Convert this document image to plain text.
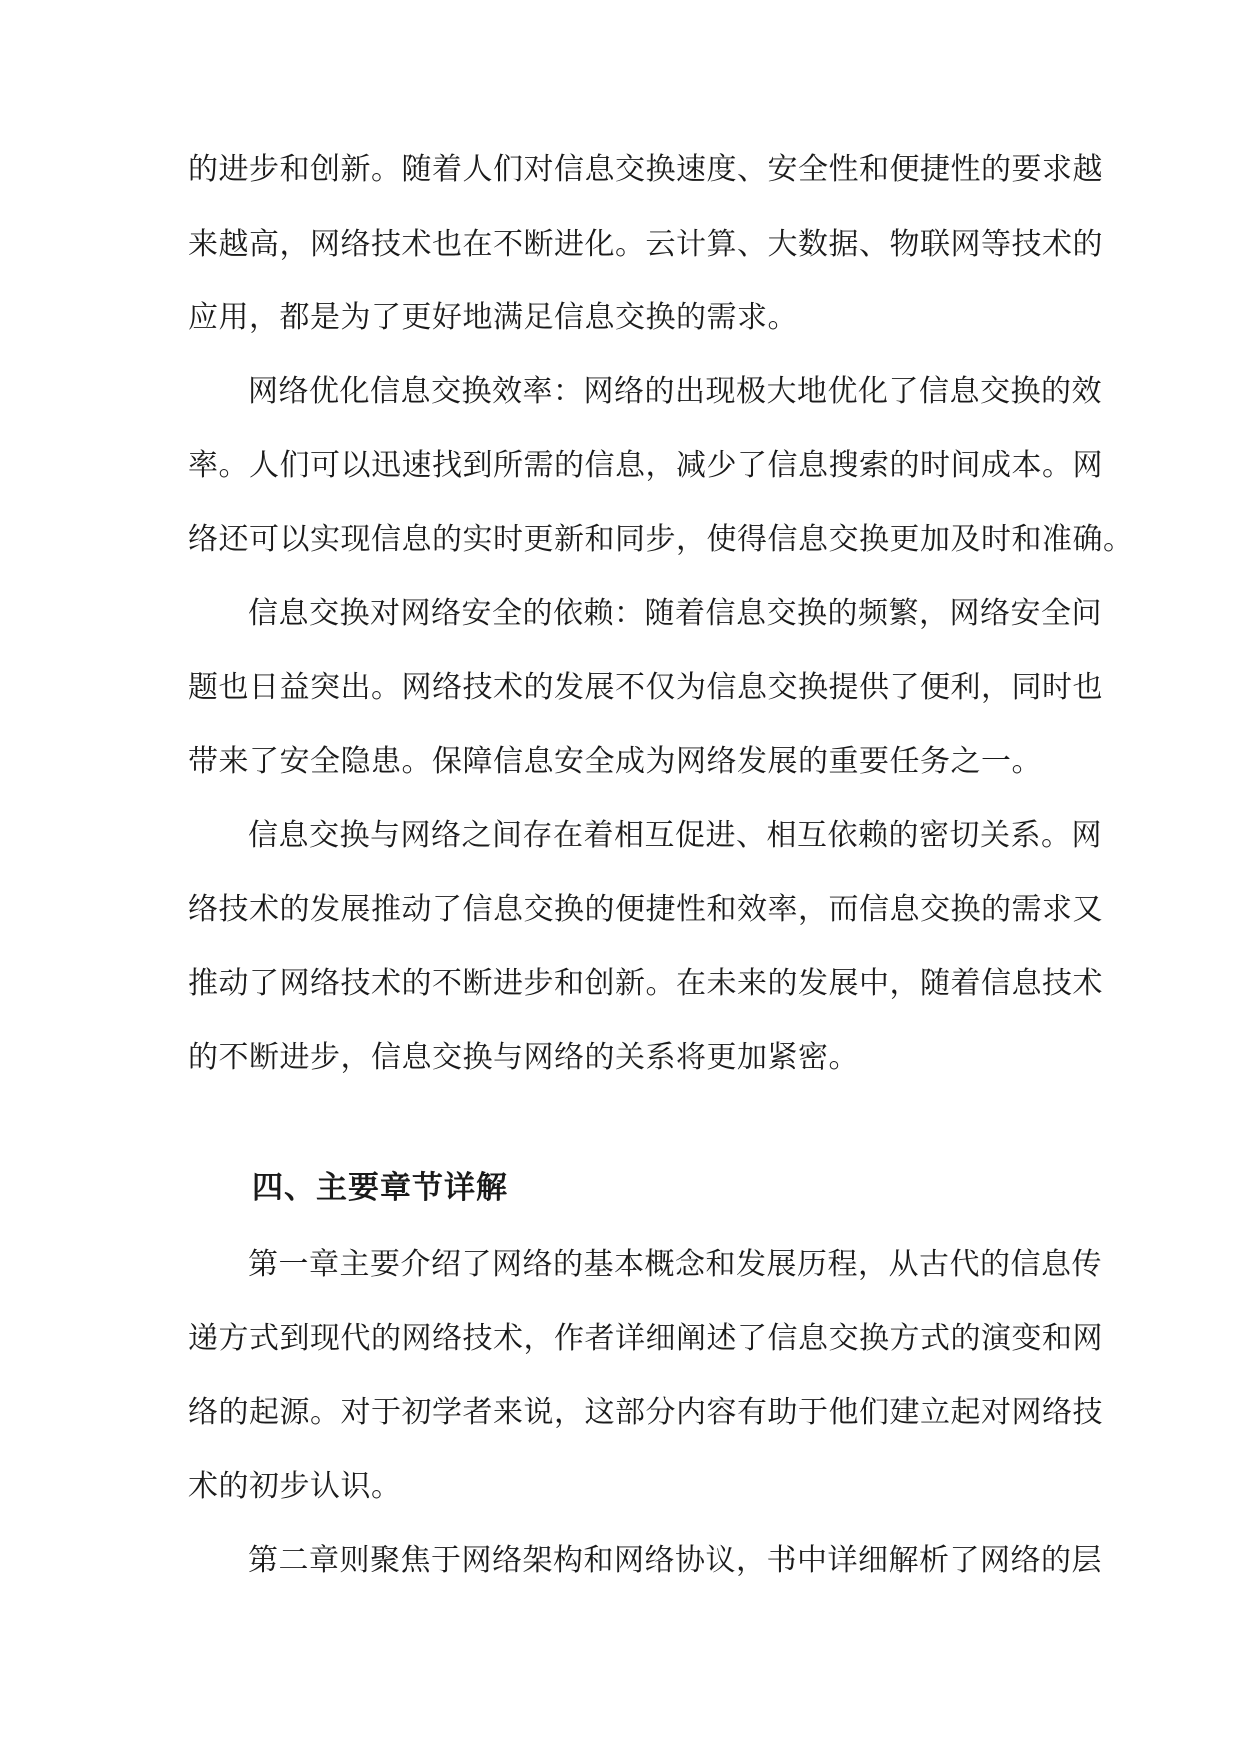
的进步和创新。随着人们对信息交换速度、安全性和便捷性的要求越
来越高，网络技术也在不断进化。云计算、大数据、物联网等技术的
应用，都是为了更好地满足信息交换的需求。
网络优化信息交换效率：网络的出现极大地优化了信息交换的效
率。人们可以迅速找到所需的信息，减少了信息搜索的时间成本。网
络还可以实现信息的实时更新和同步，使得信息交换更加及时和准确。
信息交换对网络安全的依赖：随着信息交换的频繁，网络安全问
题也日益突出。网络技术的发展不仅为信息交换提供了便利，同时也
带来了安全隐患。保障信息安全成为网络发展的重要任务之一。
信息交换与网络之间存在着相互促进、相互依赖的密切关系。网
络技术的发展推动了信息交换的便捷性和效率，而信息交换的需求又
推动了网络技术的不断进步和创新。在未来的发展中，随着信息技术
的不断进步，信息交换与网络的关系将更加紧密。
四、主要章节详解
第一章主要介绍了网络的基本概念和发展历程，从古代的信息传
递方式到现代的网络技术，作者详细阐述了信息交换方式的演变和网
络的起源。对于初学者来说，这部分内容有助于他们建立起对网络技
术的初步认识。
第二章则聚焦于网络架构和网络协议，书中详细解析了网络的层
